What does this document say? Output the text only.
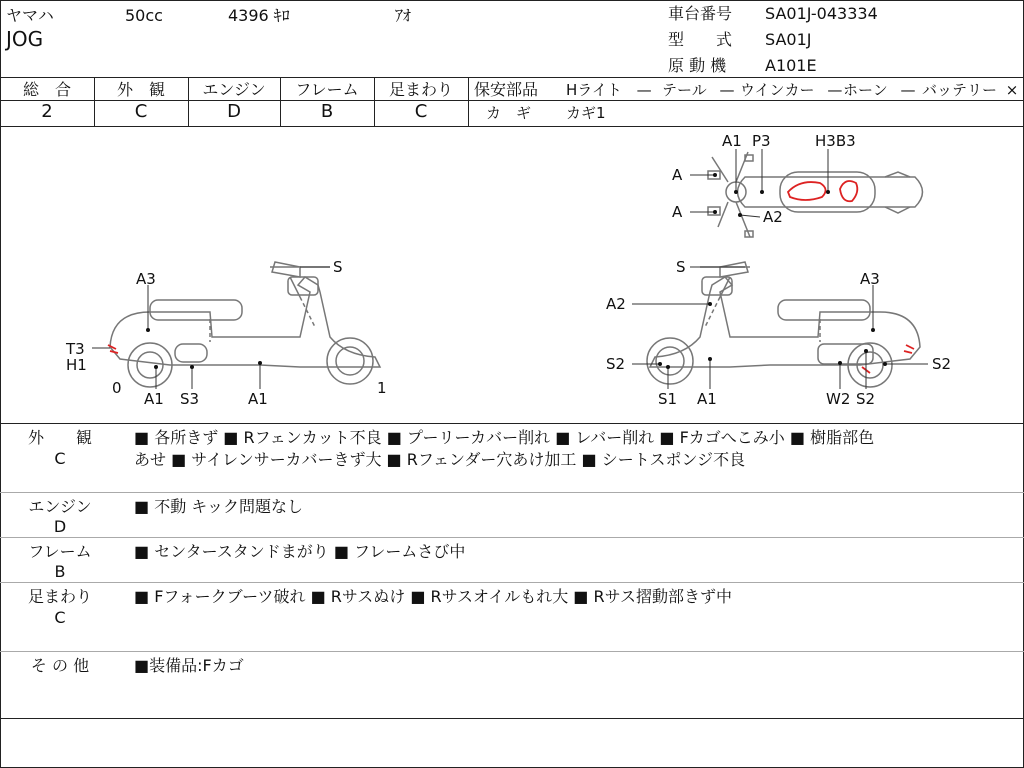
ヤマハ	50cc	4396 ｷﾛ	ｱｵ
JOG
車台番号 SA01J-043334
型　　式 SA01J
原 動 機 A101E
総　合	外　観	エンジン	フレーム	足まわり
2	C	D	B	C
保安部品 Hライト — テール — ウインカー — ホーン — バッテリー ×
カ　ギ カギ1
A3
T3
H1
0
A1 S3	A1
1
S	S
A3
A2
S2	S2
S1 A1	W2 S2
A1 P3	H3B3
A
A	A2
外　　観
C
■ 各所きず ■ Rフェンカット不良 ■ プーリーカバー削れ ■ レバー削れ ■ Fカゴへこみ小 ■ 樹脂部色
あせ ■ サイレンサーカバーきず大 ■ Rフェンダー穴あけ加工 ■ シートスポンジ不良
エンジン
D
■ 不動 キック問題なし
フレーム
B
■ センタースタンドまがり ■ フレームさび中
足まわり
C
■ Fフォークブーツ破れ ■ Rサスぬけ ■ Rサスオイルもれ大 ■ Rサス摺動部きず中
そ の 他	■装備品:Fカゴ
